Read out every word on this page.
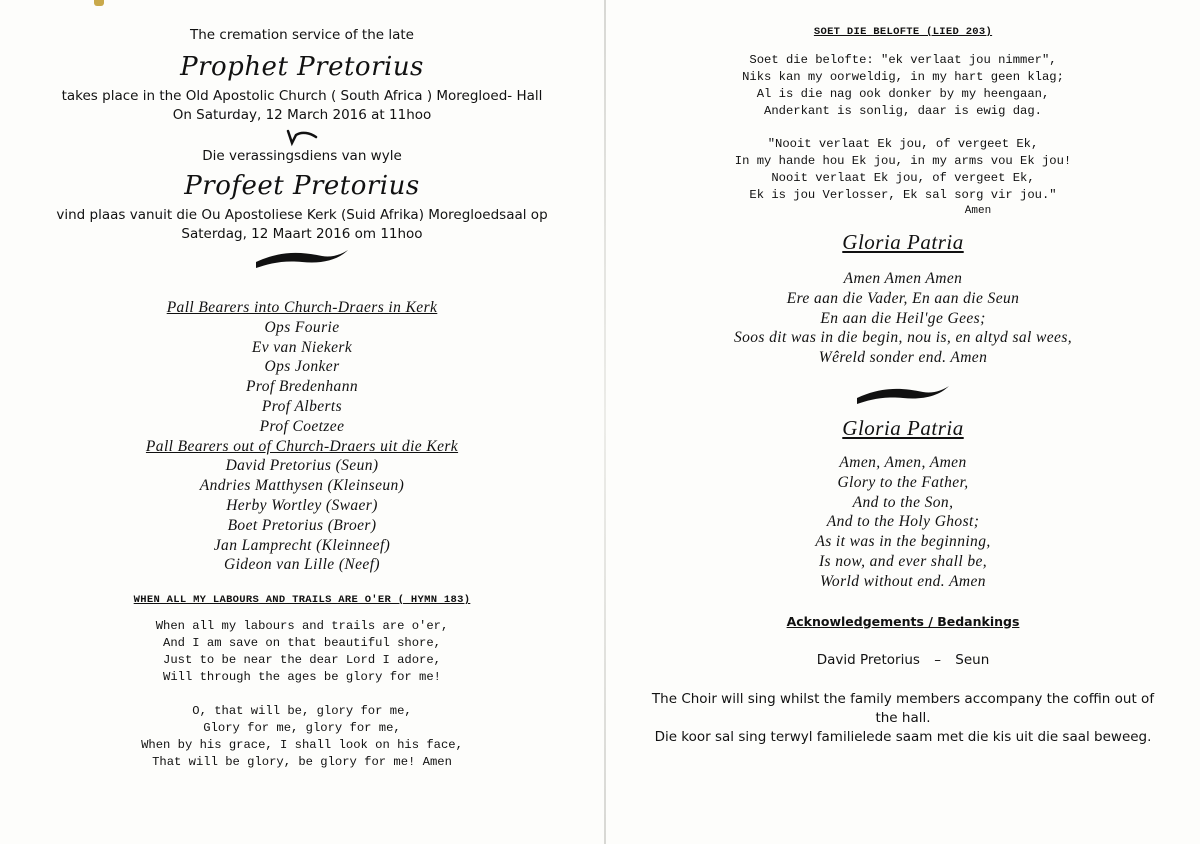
The cremation service of the late
Prophet Pretorius
takes place in the Old Apostolic Church ( South Africa ) Moregloed- Hall
On Saturday, 12 March 2016 at 11hoo
Die verassingsdiens van wyle
Profeet Pretorius
vind plaas vanuit die Ou Apostoliese Kerk (Suid Afrika) Moregloedsaal op
Saterdag, 12 Maart 2016 om 11hoo
Pall Bearers into Church-Draers in Kerk
Ops Fourie
Ev van Niekerk
Ops Jonker
Prof Bredenhann
Prof Alberts
Prof Coetzee
Pall Bearers out of Church-Draers uit die Kerk
David Pretorius (Seun)
Andries Matthysen (Kleinseun)
Herby Wortley (Swaer)
Boet Pretorius (Broer)
Jan Lamprecht (Kleinneef)
Gideon van Lille (Neef)
WHEN ALL MY LABOURS AND TRAILS ARE O'ER ( HYMN 183)
When all my labours and trails are o'er,
And I am save on that beautiful shore,
Just to be near the dear Lord I adore,
Will through the ages be glory for me!
O, that will be, glory for me,
Glory for me, glory for me,
When by his grace, I shall look on his face,
That will be glory, be glory for me! Amen
SOET DIE BELOFTE (LIED 203)
Soet die belofte: "ek verlaat jou nimmer",
Niks kan my oorweldig, in my hart geen klag;
Al is die nag ook donker by my heengaan,
Anderkant is sonlig, daar is ewig dag.
"Nooit verlaat Ek jou, of vergeet Ek,
In my hande hou Ek jou, in my arms vou Ek jou!
Nooit verlaat Ek jou, of vergeet Ek,
Ek is jou Verlosser, Ek sal sorg vir jou."
Amen
Gloria Patria
Amen Amen Amen
Ere aan die Vader, En aan die Seun
En aan die Heil'ge Gees;
Soos dit was in die begin, nou is, en altyd sal wees,
Wêreld sonder end. Amen
Gloria Patria
Amen, Amen, Amen
Glory to the Father,
And to the Son,
And to the Holy Ghost;
As it was in the beginning,
Is now, and ever shall be,
World without end. Amen
Acknowledgements / Bedankings
David Pretorius – Seun
The Choir will sing whilst the family members accompany the coffin out of
the hall.
Die koor sal sing terwyl familielede saam met die kis uit die saal beweeg.
